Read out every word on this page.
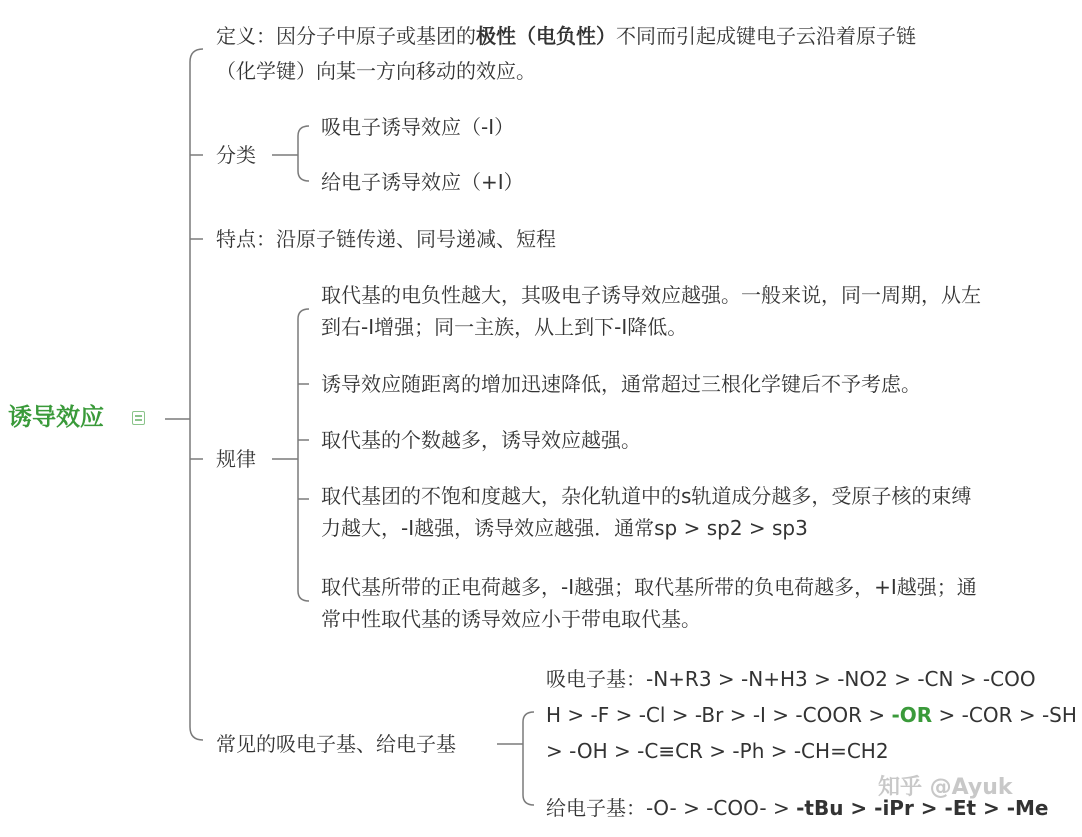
诱导效应
定义：因分子中原子或基团的极性（电负性）不同而引起成键电子云沿着原子链
（化学键）向某一方向移动的效应。
分类
吸电子诱导效应（-I）
给电子诱导效应（+I）
特点：沿原子链传递、同号递减、短程
规律
取代基的电负性越大，其吸电子诱导效应越强。一般来说，同一周期，从左到右-I增强；同一主族，从上到下-I降低。
诱导效应随距离的增加迅速降低，通常超过三根化学键后不予考虑。
取代基的个数越多，诱导效应越强。
取代基团的不饱和度越大，杂化轨道中的s轨道成分越多，受原子核的束缚力越大，-I越强，诱导效应越强．通常sp > sp2 > sp3
取代基所带的正电荷越多，-I越强；取代基所带的负电荷越多，+I越强；通常中性取代基的诱导效应小于带电取代基。
常见的吸电子基、给电子基
吸电子基：-N+R3 > -N+H3 > -NO2 > -CN > -COO
H > -F > -Cl > -Br > -I > -COOR > -OR > -COR > -SH
> -OH > -C≡CR > -Ph > -CH=CH2
给电子基：-O- > -COO- > -tBu > -iPr > -Et > -Me
知乎 @Ayuk
